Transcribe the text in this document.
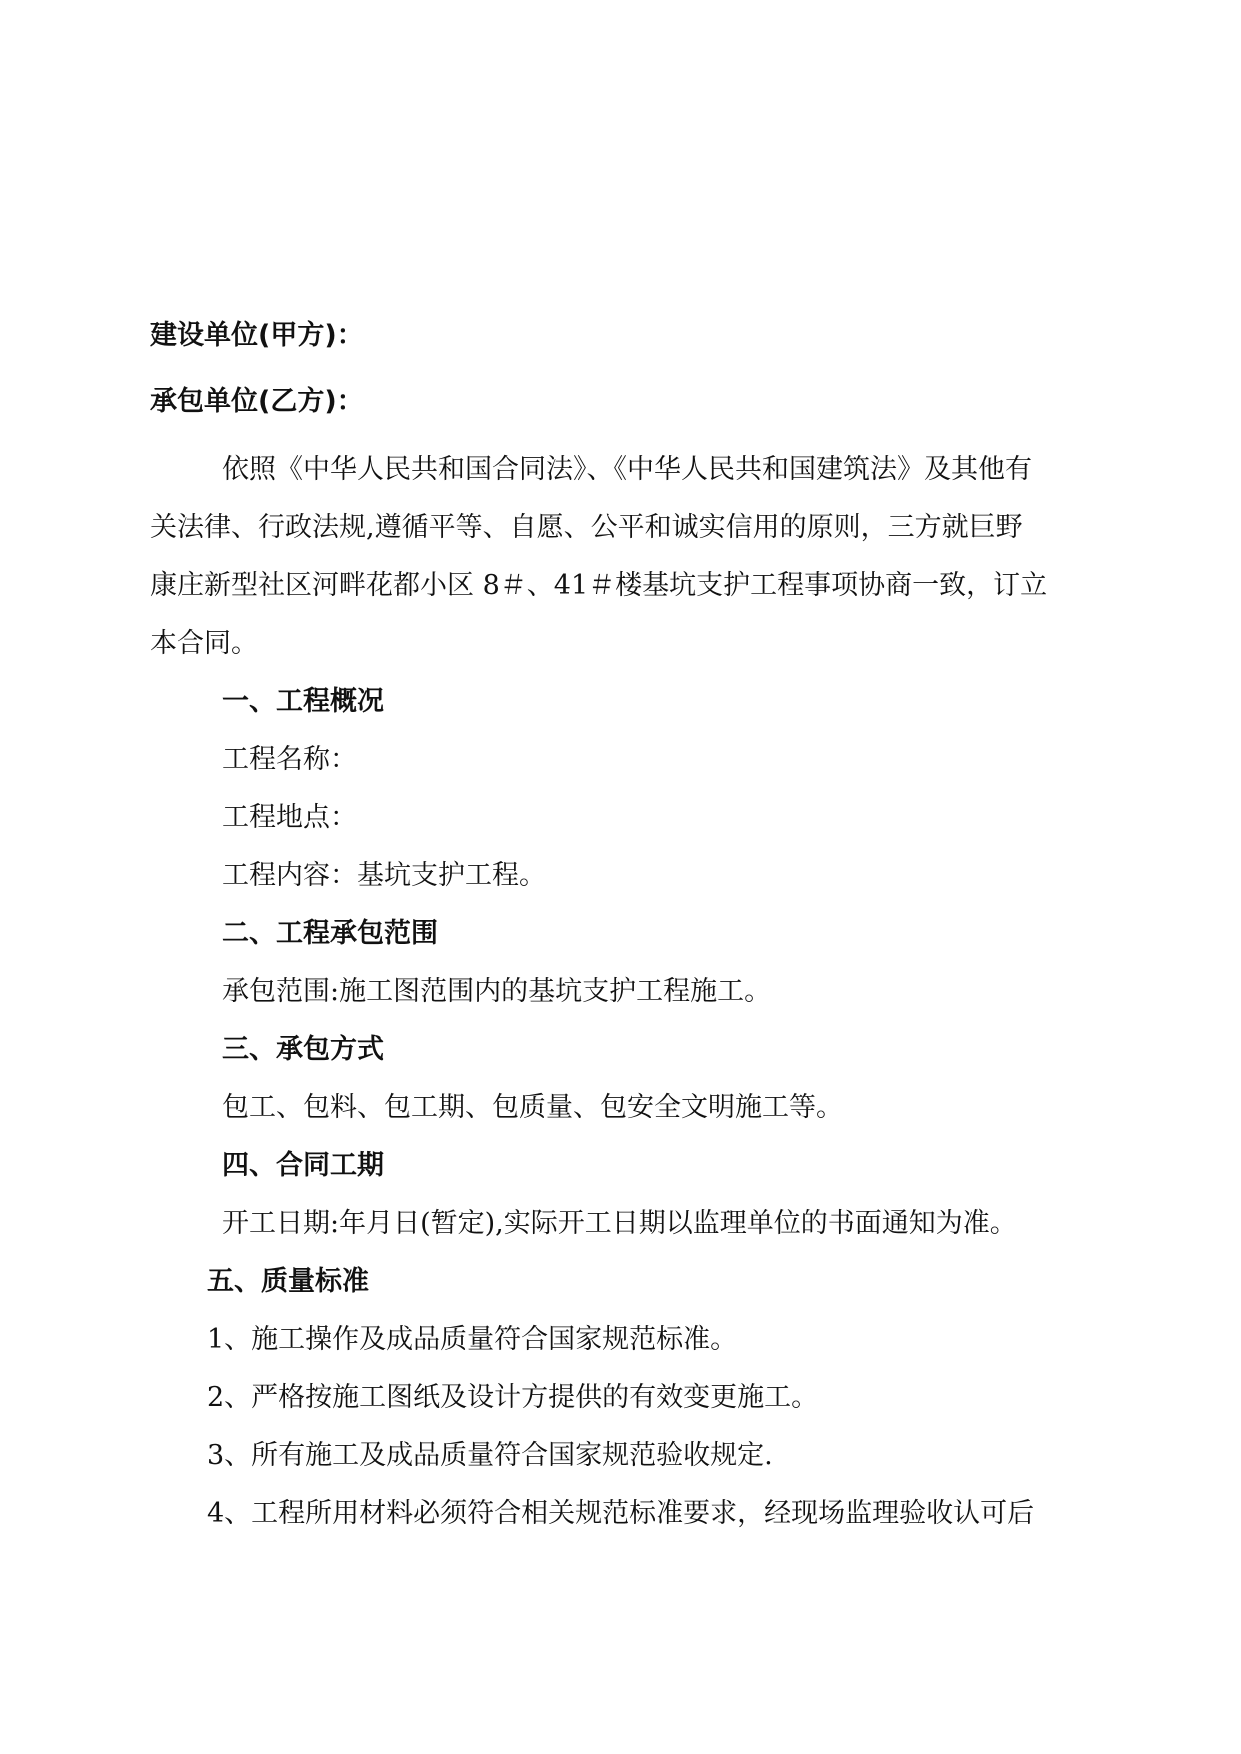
建设单位(甲方)：
承包单位(乙方)：
依照《中华人民共和国合同法》、《中华人民共和国建筑法》及其他有
关法律、行政法规,遵循平等、自愿、公平和诚实信用的原则，三方就巨野
康庄新型社区河畔花都小区 8＃、41＃楼基坑支护工程事项协商一致，订立
本合同。
一、工程概况
工程名称：
工程地点：
工程内容：基坑支护工程。
二、工程承包范围
承包范围:施工图范围内的基坑支护工程施工。
三、承包方式
包工、包料、包工期、包质量、包安全文明施工等。
四、合同工期
开工日期:年月日(暂定),实际开工日期以监理单位的书面通知为准。
五、质量标准
1、施工操作及成品质量符合国家规范标准。
2、严格按施工图纸及设计方提供的有效变更施工。
3、所有施工及成品质量符合国家规范验收规定.
4、工程所用材料必须符合相关规范标准要求，经现场监理验收认可后
